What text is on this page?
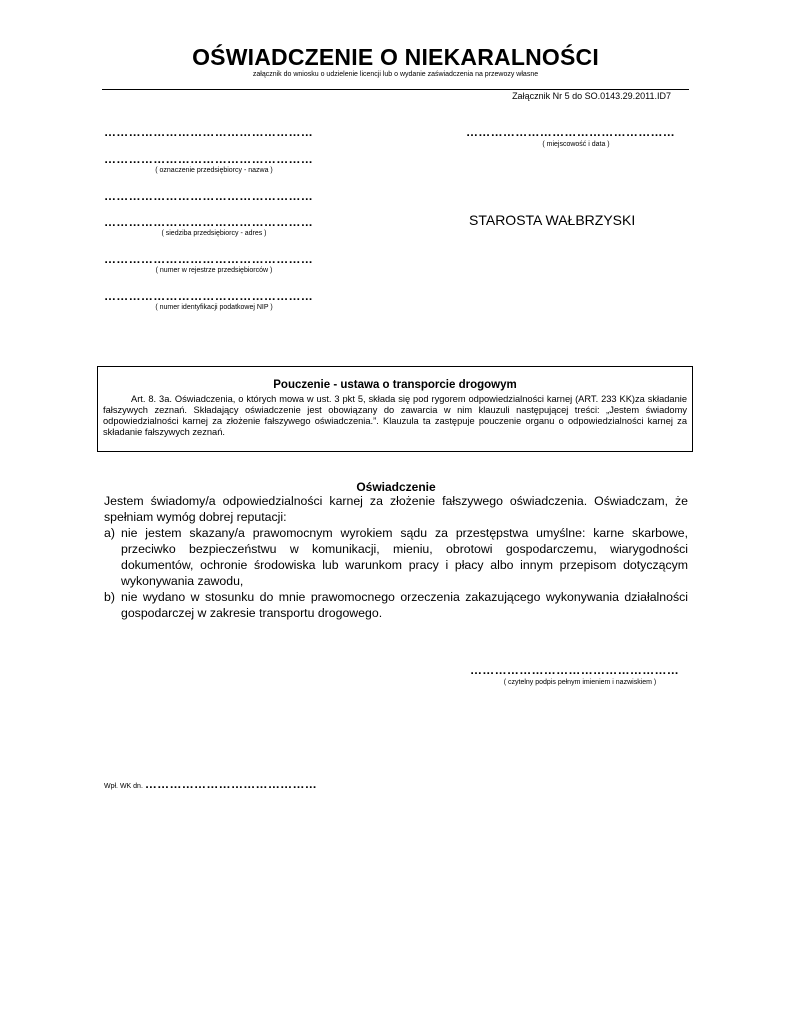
OŚWIADCZENIE O NIEKARALNOŚCI
załącznik do wniosku o udzielenie licencji lub o wydanie zaświadczenia na przewozy własne
Załącznik Nr 5 do SO.0143.29.2011.ID7
……………………………………………
……………………………………………
( oznaczenie przedsiębiorcy - nazwa )
……………………………………………
……………………………………………
( siedziba przedsiębiorcy - adres )
……………………………………………
( numer w rejestrze przedsiębiorców )
……………………………………………
( numer identyfikacji podatkowej NIP )
……………………………………………
( miejscowość i data )
STAROSTA WAŁBRZYSKI
Pouczenie - ustawa o transporcie drogowym
Art. 8. 3a. Oświadczenia, o których mowa w ust. 3 pkt 5, składa się pod rygorem odpowiedzialności karnej (ART. 233 KK)za składanie fałszywych zeznań. Składający oświadczenie jest obowiązany do zawarcia w nim klauzuli następującej treści: „Jestem świadomy odpowiedzialności karnej za złożenie fałszywego oświadczenia.”. Klauzula ta zastępuje pouczenie organu o odpowiedzialności karnej za składanie fałszywych zeznań.
Oświadczenie

Jestem świadomy/a odpowiedzialności karnej za złożenie fałszywego oświadczenia. Oświadczam, że spełniam wymóg dobrej reputacji:

a) nie jestem skazany/a prawomocnym wyrokiem sądu za przestępstwa umyślne: karne skarbowe, przeciwko bezpieczeństwu w komunikacji, mieniu, obrotowi gospodarczemu, wiarygodności dokumentów, ochronie środowiska lub warunkom pracy i płacy albo innym przepisom dotyczącym wykonywania zawodu,
b) nie wydano w stosunku do mnie prawomocnego orzeczenia zakazującego wykonywania działalności gospodarczej w zakresie transportu drogowego.
……………………………………………
( czytelny podpis pełnym imieniem i nazwiskiem )
Wpł. WK dn. ……………………………………
